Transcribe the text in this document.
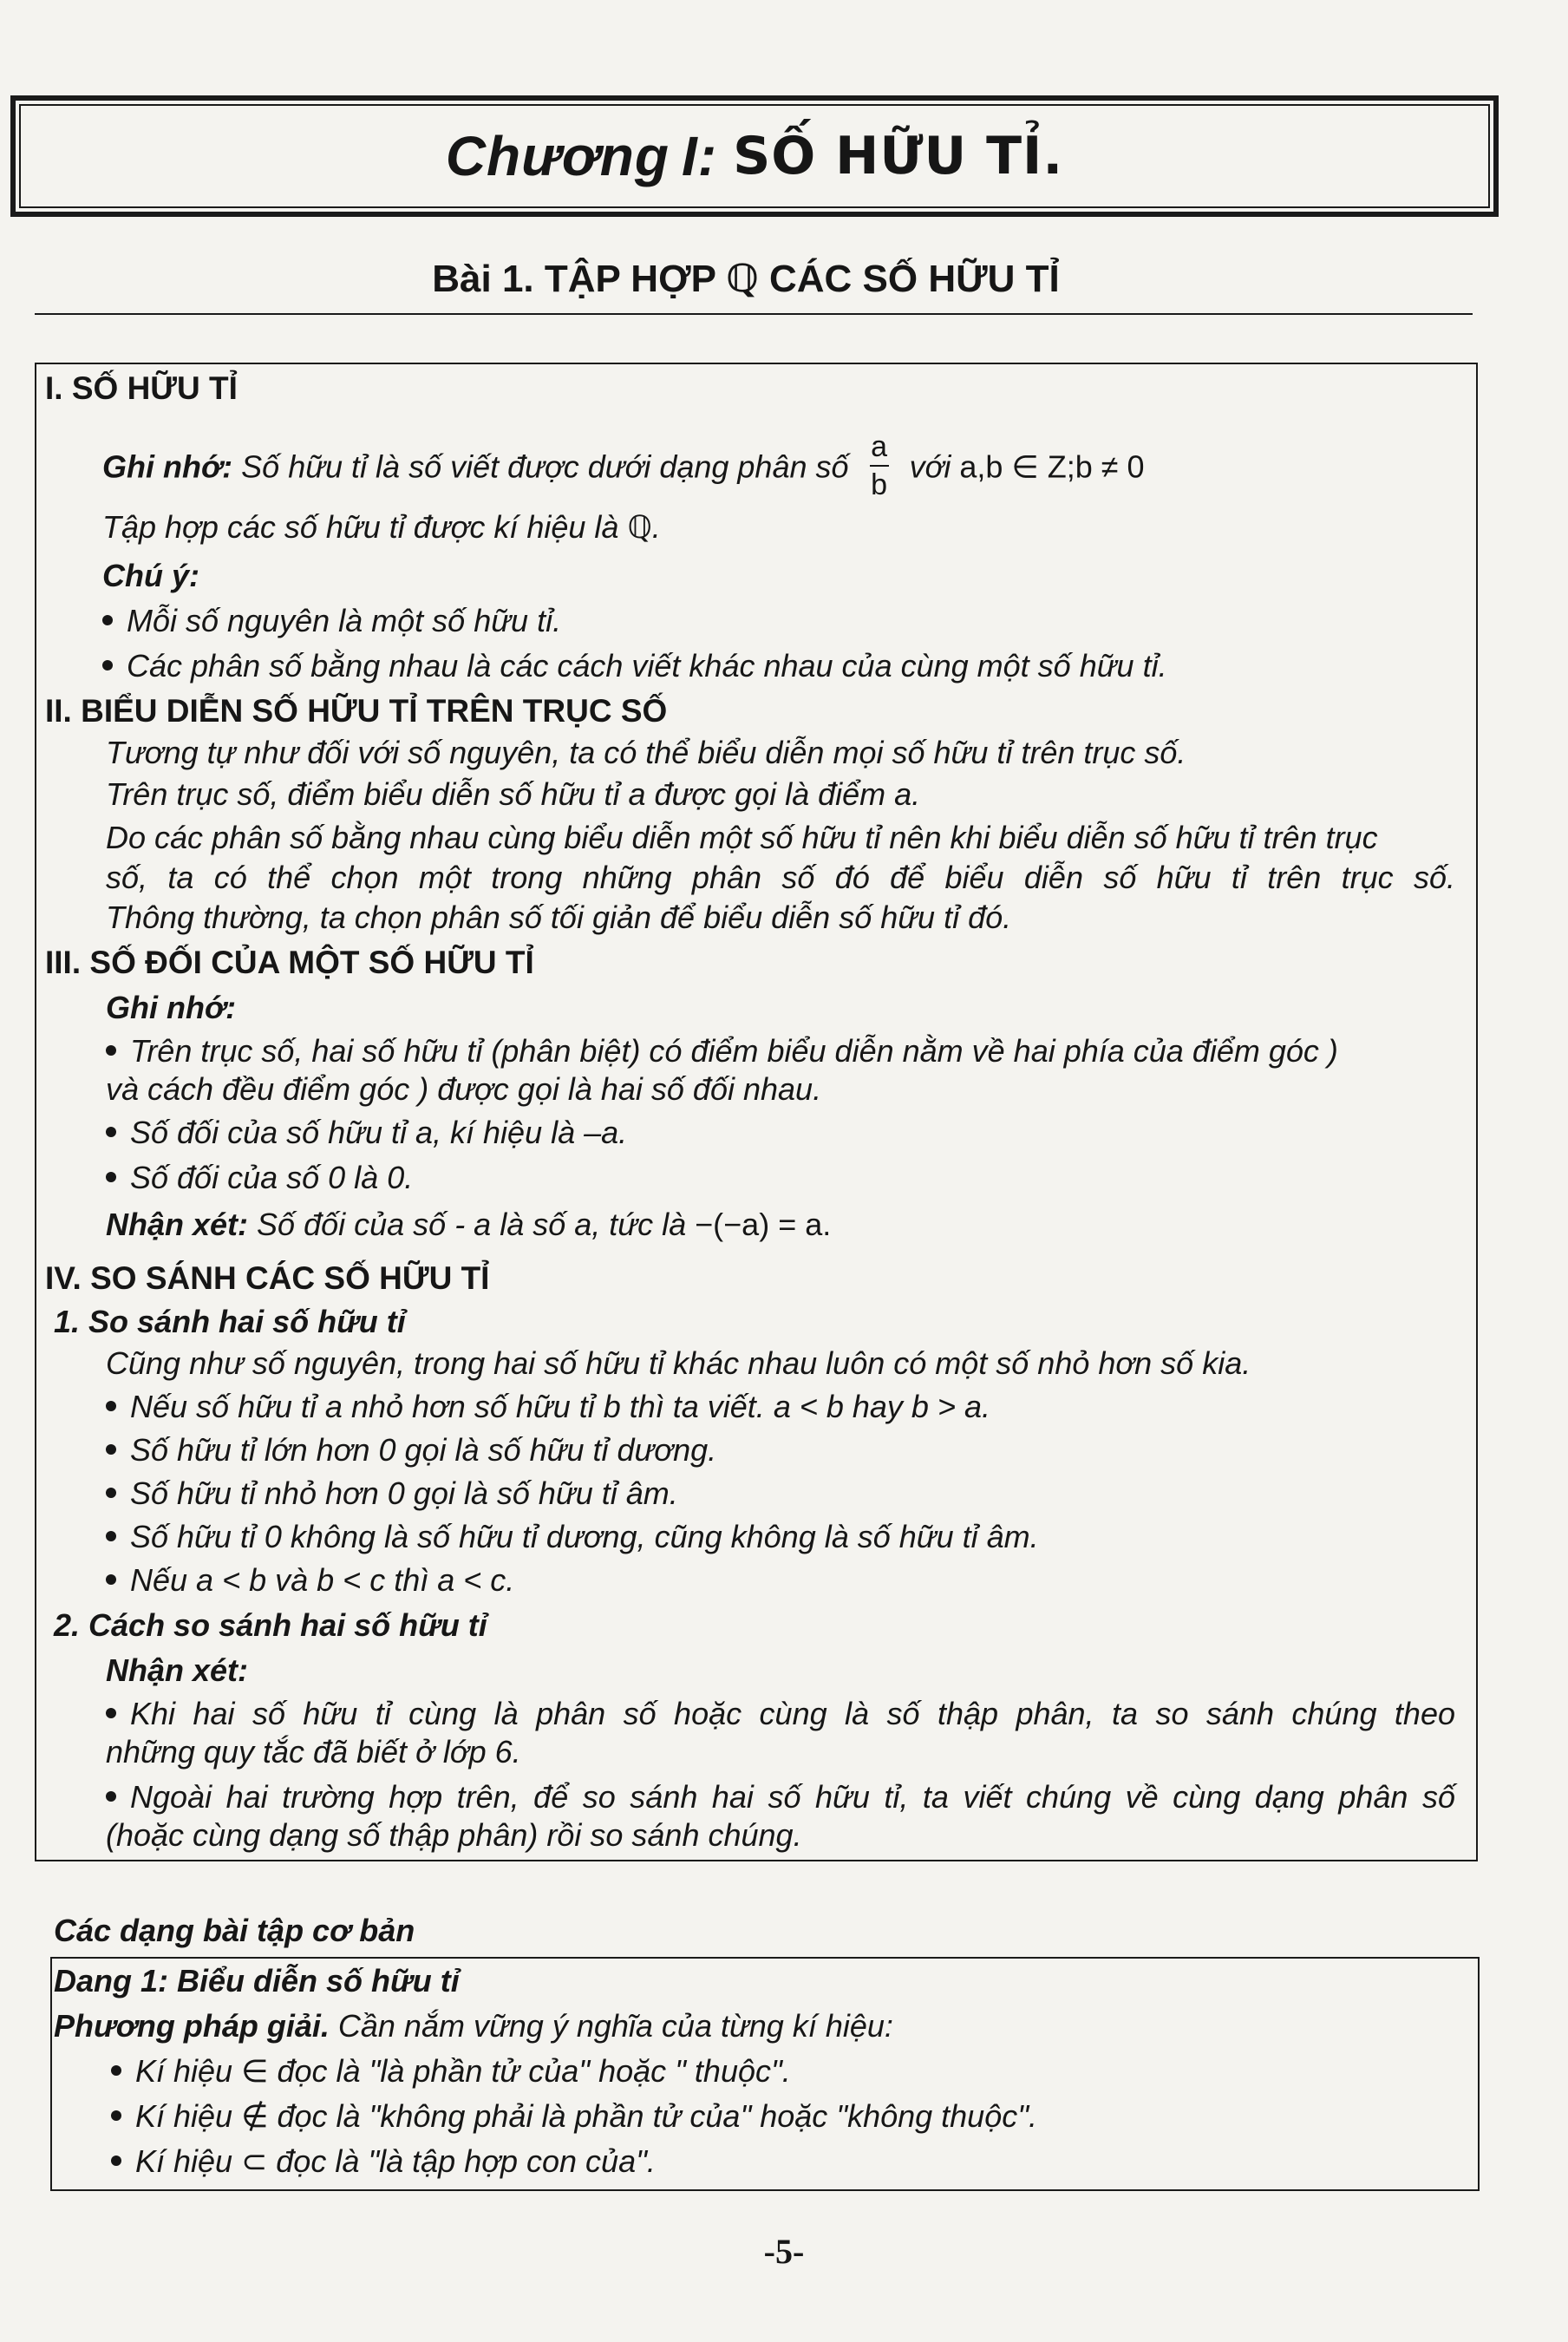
Chương I: SỐ HỮU TỈ.
Bài 1. TẬP HỢP ℚ CÁC SỐ HỮU TỈ
I. SỐ HỮU TỈ
Ghi nhớ: Số hữu tỉ là số viết được dưới dạng phân số $\frac{a}{b}$ với a,b ∈ Z;b ≠ 0
Tập hợp các số hữu tỉ được kí hiệu là ℚ.
Chú ý:
Mỗi số nguyên là một số hữu tỉ.
Các phân số bằng nhau là các cách viết khác nhau của cùng một số hữu tỉ.
II. BIỂU DIỄN SỐ HỮU TỈ TRÊN TRỤC SỐ
Tương tự như đối với số nguyên, ta có thể biểu diễn mọi số hữu tỉ trên trục số.
Trên trục số, điểm biểu diễn số hữu tỉ a được gọi là điểm a.
Do các phân số bằng nhau cùng biểu diễn một số hữu tỉ nên khi biểu diễn số hữu tỉ trên trục
số, ta có thể chọn một trong những phân số đó để biểu diễn số hữu tỉ trên trục số.
Thông thường, ta chọn phân số tối giản để biểu diễn số hữu tỉ đó.
III. SỐ ĐỐI CỦA MỘT SỐ HỮU TỈ
Ghi nhớ:
Trên trục số, hai số hữu tỉ (phân biệt) có điểm biểu diễn nằm về hai phía của điểm góc )
và cách đều điểm góc ) được gọi là hai số đối nhau.
Số đối của số hữu tỉ a, kí hiệu là –a.
Số đối của số 0 là 0.
Nhận xét: Số đối của số - a là số a, tức là −(−a) = a.
IV. SO SÁNH CÁC SỐ HỮU TỈ
1. So sánh hai số hữu tỉ
Cũng như số nguyên, trong hai số hữu tỉ khác nhau luôn có một số nhỏ hơn số kia.
Nếu số hữu tỉ a nhỏ hơn số hữu tỉ b thì ta viết. a < b hay b > a.
Số hữu tỉ lớn hơn 0 gọi là số hữu tỉ dương.
Số hữu tỉ nhỏ hơn 0 gọi là số hữu tỉ âm.
Số hữu tỉ 0 không là số hữu tỉ dương, cũng không là số hữu tỉ âm.
Nếu a < b và b < c thì a < c.
2. Cách so sánh hai số hữu tỉ
Nhận xét:
Khi hai số hữu tỉ cùng là phân số hoặc cùng là số thập phân, ta so sánh chúng theo
những quy tắc đã biết ở lớp 6.
Ngoài hai trường hợp trên, để so sánh hai số hữu tỉ, ta viết chúng về cùng dạng phân số
(hoặc cùng dạng số thập phân) rồi so sánh chúng.
Các dạng bài tập cơ bản
Dang 1: Biểu diễn số hữu tỉ
Phương pháp giải. Cần nắm vững ý nghĩa của từng kí hiệu:
Kí hiệu ∈ đọc là "là phần tử của" hoặc " thuộc".
Kí hiệu ∉ đọc là "không phải là phần tử của" hoặc "không thuộc".
Kí hiệu ⊂ đọc là "là tập hợp con của".
-5-
